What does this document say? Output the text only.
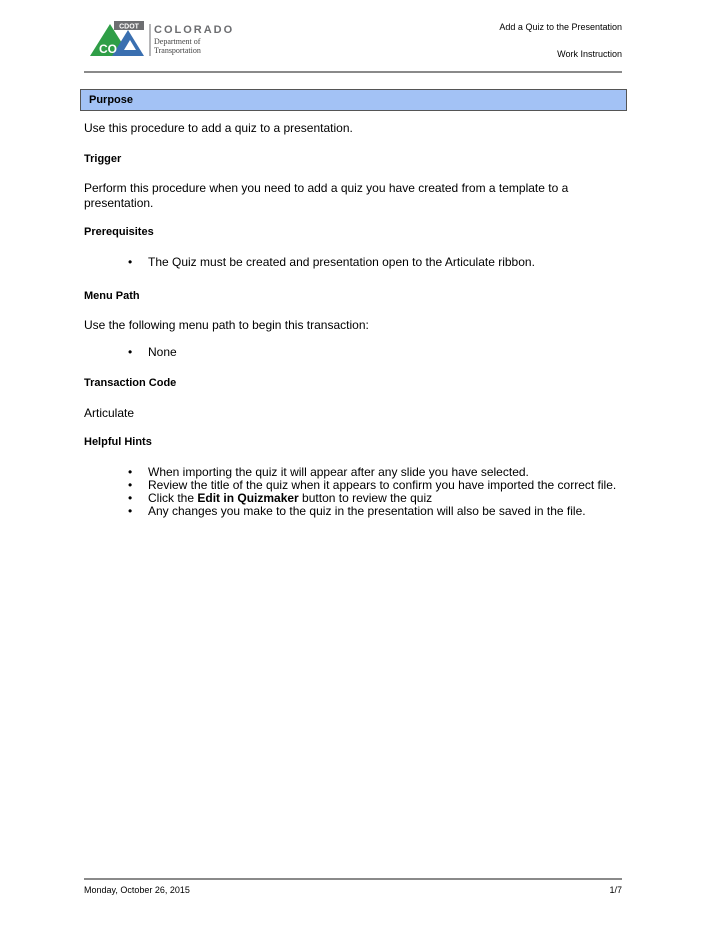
CDOT
CO
COLORADO
Department of
Transportation
Add a Quiz to the Presentation
Work Instruction
Purpose
Use this procedure to add a quiz to a presentation.
Trigger
Perform this procedure when you need to add a quiz you have created from a template to a presentation.
Prerequisites
• The Quiz must be created and presentation open to the Articulate ribbon.
Menu Path
Use the following menu path to begin this transaction:
• None
Transaction Code
Articulate
Helpful Hints
• When importing the quiz it will appear after any slide you have selected.
• Review the title of the quiz when it appears to confirm you have imported the correct file.
• Click the Edit in Quizmaker button to review the quiz
• Any changes you make to the quiz in the presentation will also be saved in the file.
Monday, October 26, 2015	1/7
